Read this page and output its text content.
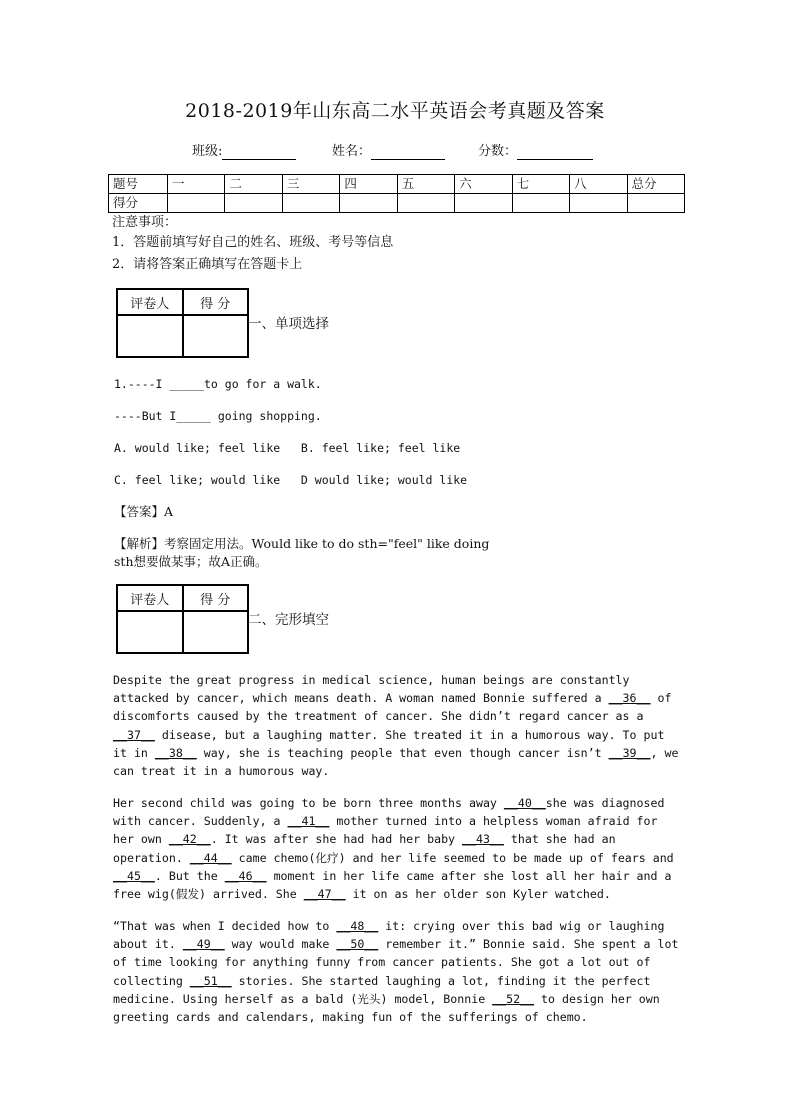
2018-2019年山东高二水平英语会考真题及答案
班级:	姓名：	分数：
题号	一	二	三	四	五	六	七	八	总分
得分									
注意事项：
1．答题前填写好自己的姓名、班级、考号等信息
2．请将答案正确填写在答题卡上
评卷人	得 分

一、单项选择
1.----I _____to go for a walk.
----But I_____ going shopping.
A. would like; feel like   B. feel like; feel like
C. feel like; would like   D would like; would like
【答案】A
【解析】考察固定用法。Would like to do sth="feel" like doing
sth想要做某事；故A正确。
评卷人	得 分

二、完形填空
Despite the great progress in medical science, human beings are constantly attacked by cancer, which means death. A woman named Bonnie suffered a __36__ of discomforts caused by the treatment of cancer. She didn’t regard cancer as a __37__ disease, but a laughing matter. She treated it in a humorous way. To put it in __38__ way, she is teaching people that even though cancer isn’t __39__, we can treat it in a humorous way.
Her second child was going to be born three months away __40__she was diagnosed with cancer. Suddenly, a __41__ mother turned into a helpless woman afraid for her own __42__. It was after she had had her baby __43__ that she had an operation. __44__ came chemo(化疗) and her life seemed to be made up of fears and __45__. But the __46__ moment in her life came after she lost all her hair and a free wig(假发) arrived. She __47__ it on as her older son Kyler watched.
“That was when I decided how to __48__ it: crying over this bad wig or laughing about it. __49__ way would make __50__ remember it.” Bonnie said. She spent a lot of time looking for anything funny from cancer patients. She got a lot out of collecting __51__ stories. She started laughing a lot, finding it the perfect medicine. Using herself as a bald (光头) model, Bonnie __52__ to design her own greeting cards and calendars, making fun of the sufferings of chemo.
